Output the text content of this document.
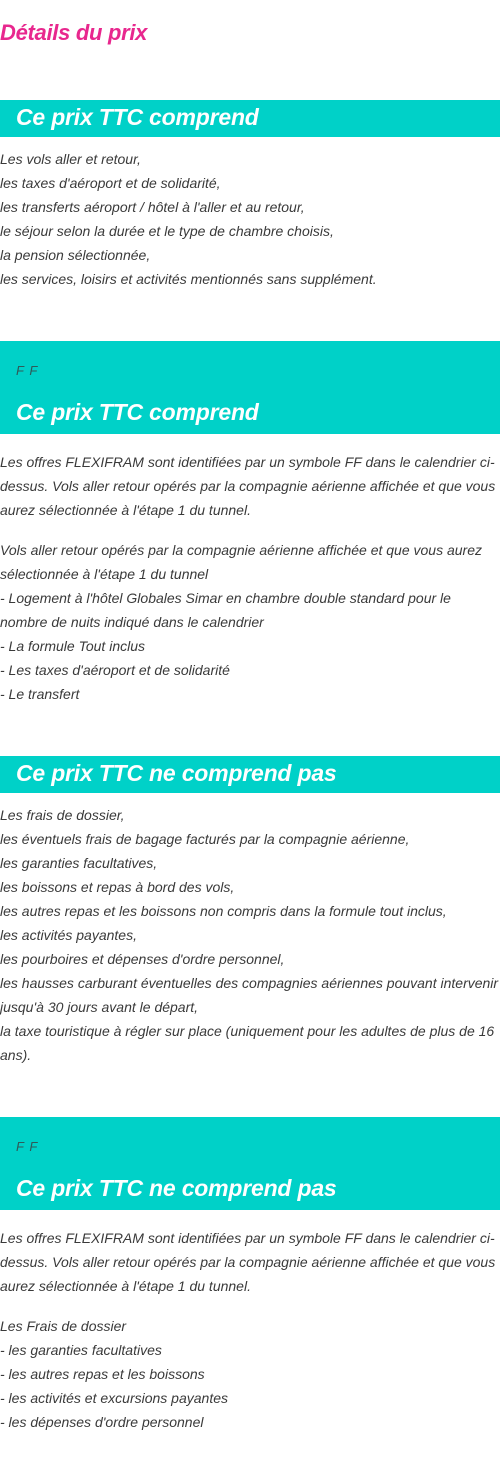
Détails du prix
Ce prix TTC comprend
Les vols aller et retour,
les taxes d'aéroport et de solidarité,
les transferts aéroport / hôtel à l'aller et au retour,
le séjour selon la durée et le type de chambre choisis,
la pension sélectionnée,
les services, loisirs et activités mentionnés sans supplément.
F F
Ce prix TTC comprend
Les offres FLEXIFRAM sont identifiées par un symbole FF dans le calendrier ci-dessus. Vols aller retour opérés par la compagnie aérienne affichée et que vous aurez sélectionnée à l'étape 1 du tunnel.
Vols aller retour opérés par la compagnie aérienne affichée et que vous aurez sélectionnée à l'étape 1 du tunnel
- Logement à l'hôtel Globales Simar en chambre double standard pour le nombre de nuits indiqué dans le calendrier
- La formule Tout inclus
- Les taxes d'aéroport et de solidarité
- Le transfert
Ce prix TTC ne comprend pas
Les frais de dossier,
les éventuels frais de bagage facturés par la compagnie aérienne,
les garanties facultatives,
les boissons et repas à bord des vols,
les autres repas et les boissons non compris dans la formule tout inclus,
les activités payantes,
les pourboires et dépenses d'ordre personnel,
les hausses carburant éventuelles des compagnies aériennes pouvant intervenir jusqu'à 30 jours avant le départ,
la taxe touristique à régler sur place (uniquement pour les adultes de plus de 16 ans).
F F
Ce prix TTC ne comprend pas
Les offres FLEXIFRAM sont identifiées par un symbole FF dans le calendrier ci-dessus. Vols aller retour opérés par la compagnie aérienne affichée et que vous aurez sélectionnée à l'étape 1 du tunnel.
Les Frais de dossier
- les garanties facultatives
- les autres repas et les boissons
- les activités et excursions payantes
- les dépenses d'ordre personnel
